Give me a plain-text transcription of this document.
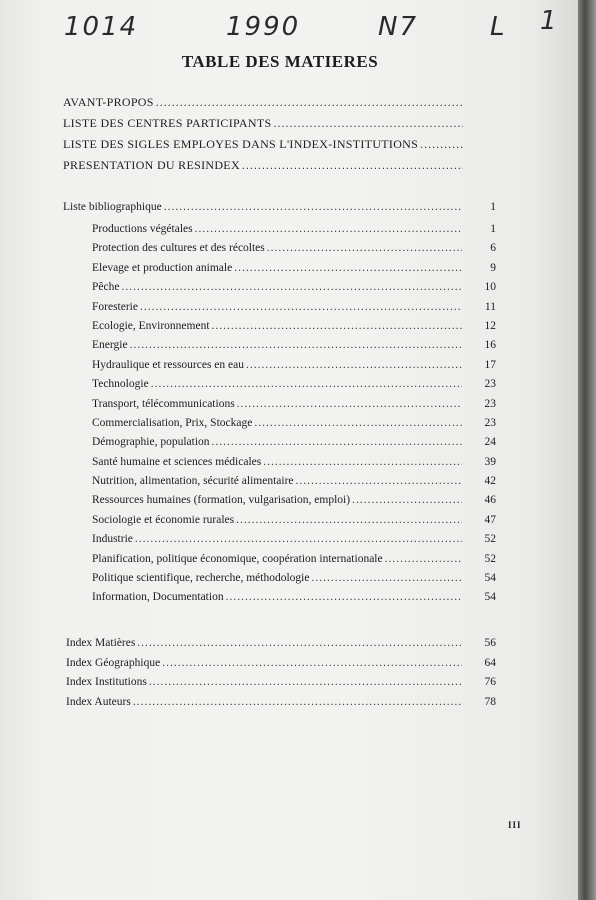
1014	1990	N7	L 1
TABLE DES MATIERES
AVANT-PROPOS
.....
LISTE DES CENTRES PARTICIPANTS
.....
LISTE DES SIGLES EMPLOYES DANS L'INDEX-INSTITUTIONS
.....
PRESENTATION DU RESINDEX
.....
Liste bibliographique .....	1
Productions végétales .....	1
Protection des cultures et des récoltes .....	6
Elevage et production animale .....	9
Pêche .....	10
Foresterie .....	11
Ecologie, Environnement .....	12
Energie .....	16
Hydraulique et ressources en eau .....	17
Technologie .....	23
Transport, télécommunications .....	23
Commercialisation, Prix, Stockage .....	23
Démographie, population .....	24
Santé humaine et sciences médicales .....	39
Nutrition, alimentation, sécurité alimentaire .....	42
Ressources humaines (formation, vulgarisation, emploi) .....	46
Sociologie et économie rurales .....	47
Industrie .....	52
Planification, politique économique, coopération internationale .....	52
Politique scientifique, recherche, méthodologie .....	54
Information, Documentation .....	54
Index Matières .....	56
Index Géographique .....	64
Index Institutions .....	76
Index Auteurs .....	78
III
